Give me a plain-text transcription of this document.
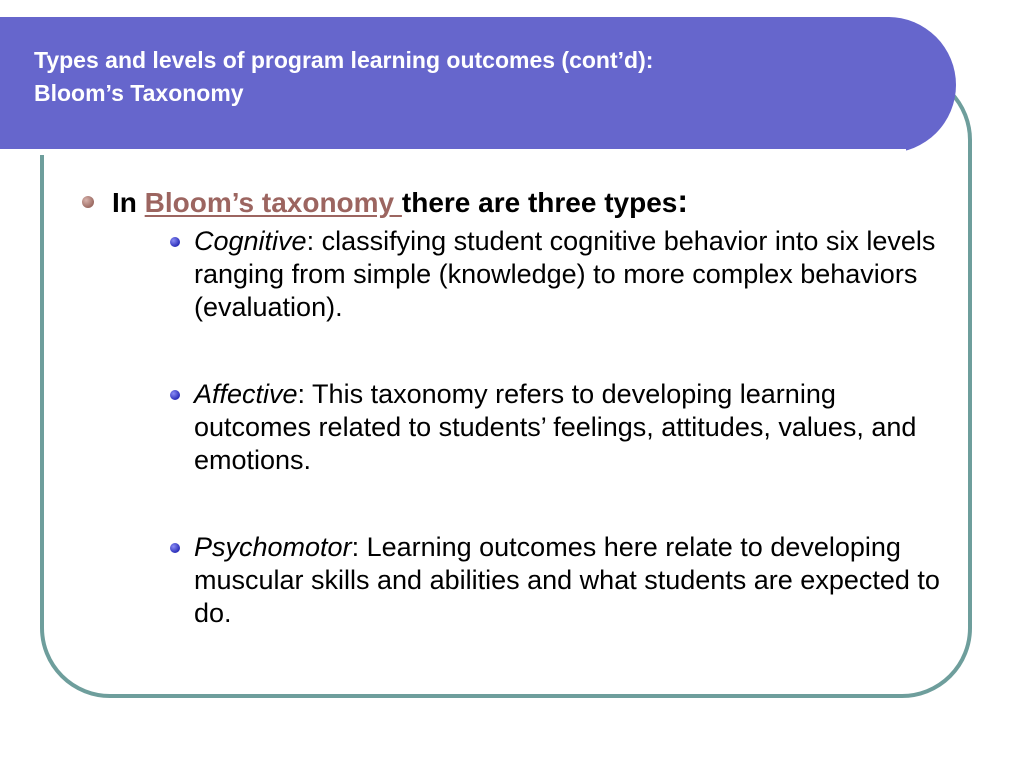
Types and levels of program learning outcomes (cont’d):
Bloom’s Taxonomy
In Bloom’s taxonomy there are three types:
Cognitive: classifying student cognitive behavior into six levels ranging from simple (knowledge) to more complex behaviors (evaluation).
Affective: This taxonomy refers to developing learning outcomes related to students’ feelings, attitudes, values, and emotions.
Psychomotor: Learning outcomes here relate to developing muscular skills and abilities and what students are expected to do.
